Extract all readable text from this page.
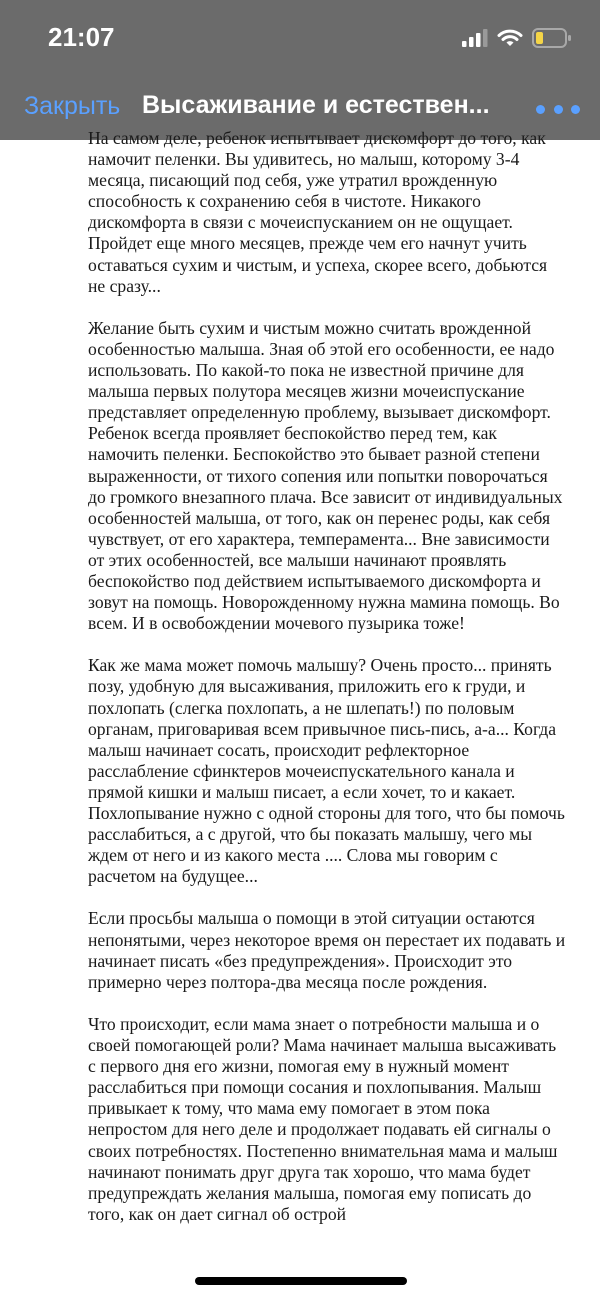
21:07
Закрыть Высаживание и естествен...

На самом деле, ребенок испытывает дискомфорт до того, как намочит пеленки. Вы удивитесь, но малыш, которому 3-4 месяца, писающий под себя, уже утратил врожденную способность к сохранению себя в чистоте. Никакого дискомфорта в связи с мочеиспусканием он не ощущает. Пройдет еще много месяцев, прежде чем его начнут учить оставаться сухим и чистым, и успеха, скорее всего, добьются не сразу...

Желание быть сухим и чистым можно считать врожденной особенностью малыша. Зная об этой его особенности, ее надо использовать. По какой-то пока не известной причине для малыша первых полутора месяцев жизни мочеиспускание представляет определенную проблему, вызывает дискомфорт. Ребенок всегда проявляет беспокойство перед тем, как намочить пеленки. Беспокойство это бывает разной степени выраженности, от тихого сопения или попытки поворочаться до громкого внезапного плача. Все зависит от индивидуальных особенностей малыша, от того, как он перенес роды, как себя чувствует, от его характера, темперамента... Вне зависимости от этих особенностей, все малыши начинают проявлять беспокойство под действием испытываемого дискомфорта и зовут на помощь. Новорожденному нужна мамина помощь. Во всем. И в освобождении мочевого пузырика тоже!

Как же мама может помочь малышу? Очень просто... принять позу, удобную для высаживания, приложить его к груди, и похлопать (слегка похлопать, а не шлепать!) по половым органам, приговаривая всем привычное пись-пись, а-а... Когда малыш начинает сосать, происходит рефлекторное расслабление сфинктеров мочеиспускательного канала и прямой кишки и малыш писает, а если хочет, то и какает. Похлопывание нужно с одной стороны для того, что бы помочь расслабиться, а с другой, что бы показать малышу, чего мы ждем от него и из какого места .... Слова мы говорим с расчетом на будущее...

Если просьбы малыша о помощи в этой ситуации остаются непонятыми, через некоторое время он перестает их подавать и начинает писать «без предупреждения». Происходит это примерно через полтора-два месяца после рождения.

Что происходит, если мама знает о потребности малыша и о своей помогающей роли? Мама начинает малыша высаживать с первого дня его жизни, помогая ему в нужный момент расслабиться при помощи сосания и похлопывания. Малыш привыкает к тому, что мама ему помогает в этом пока непростом для него деле и продолжает подавать ей сигналы о своих потребностях. Постепенно внимательная мама и малыш начинают понимать друг друга так хорошо, что мама будет предупреждать желания малыша, помогая ему пописать до того, как он дает сигнал об острой
